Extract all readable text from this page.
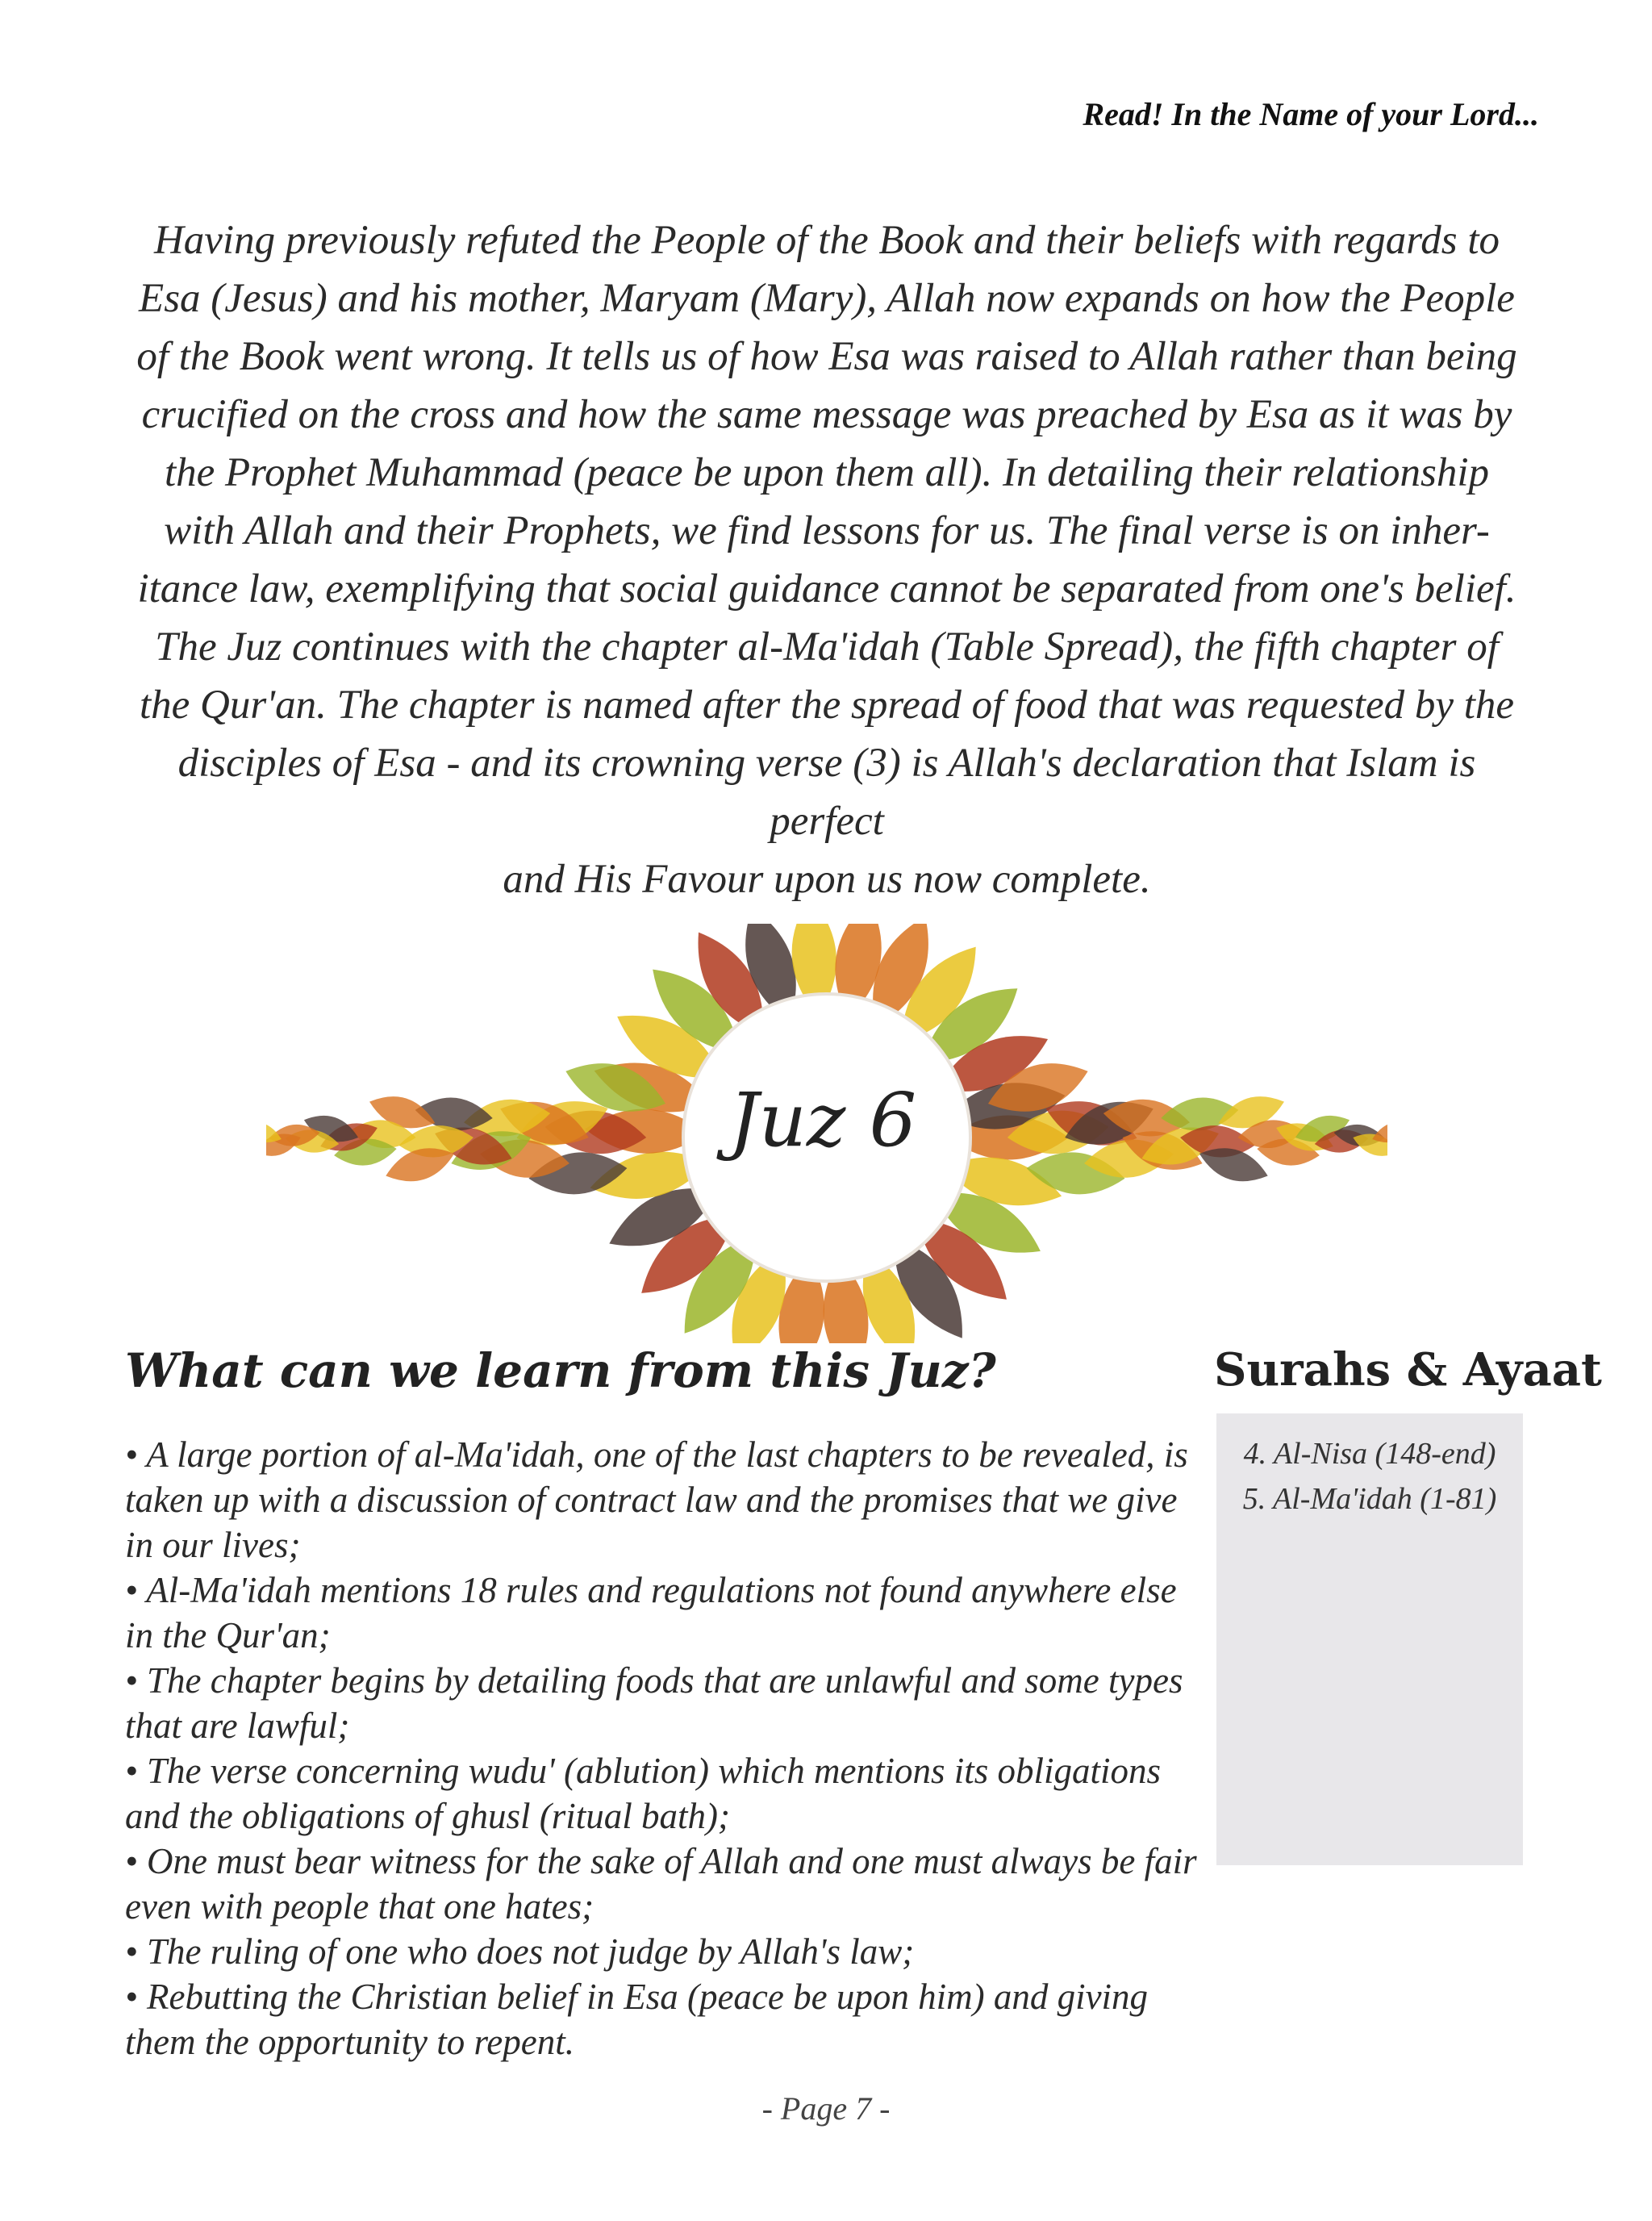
Read! In the Name of your Lord...

Having previously refuted the People of the Book and their beliefs with regards to

Esa (Jesus) and his mother, Maryam (Mary), Allah now expands on how the People

of the Book went wrong. It tells us of how Esa was raised to Allah rather than being

crucified on the cross and how the same message was preached by Esa as it was by

the Prophet Muhammad (peace be upon them all). In detailing their relationship

with Allah and their Prophets, we find lessons for us. The final verse is on inher-

itance law, exemplifying that social guidance cannot be separated from one's belief.

The Juz continues with the chapter al-Ma'idah (Table Spread), the fifth chapter of

the Qur'an. The chapter is named after the spread of food that was requested by the

disciples of Esa - and its crowning verse (3) is Allah's declaration that Islam is perfect

and His Favour upon us now complete.

Juz 6
What can we learn from this Juz?
• A large portion of al-Ma'idah, one of the last chapters to be revealed, is taken up with a discussion of contract law and the promises that we give in our lives;
• Al-Ma'idah mentions 18 rules and regulations not found anywhere else in the Qur'an;
• The chapter begins by detailing foods that are unlawful and some types that are lawful;
• The verse concerning wudu' (ablution) which mentions its obligations and the obligations of ghusl (ritual bath);
• One must bear witness for the sake of Allah and one must always be fair even with people that one hates;
• The ruling of one who does not judge by Allah's law;
• Rebutting the Christian belief in Esa (peace be upon him) and giving them the opportunity to repent.
Surahs & Ayaat
4. Al-Nisa (148-end)
5. Al-Ma'idah (1-81)
- Page 7 -
